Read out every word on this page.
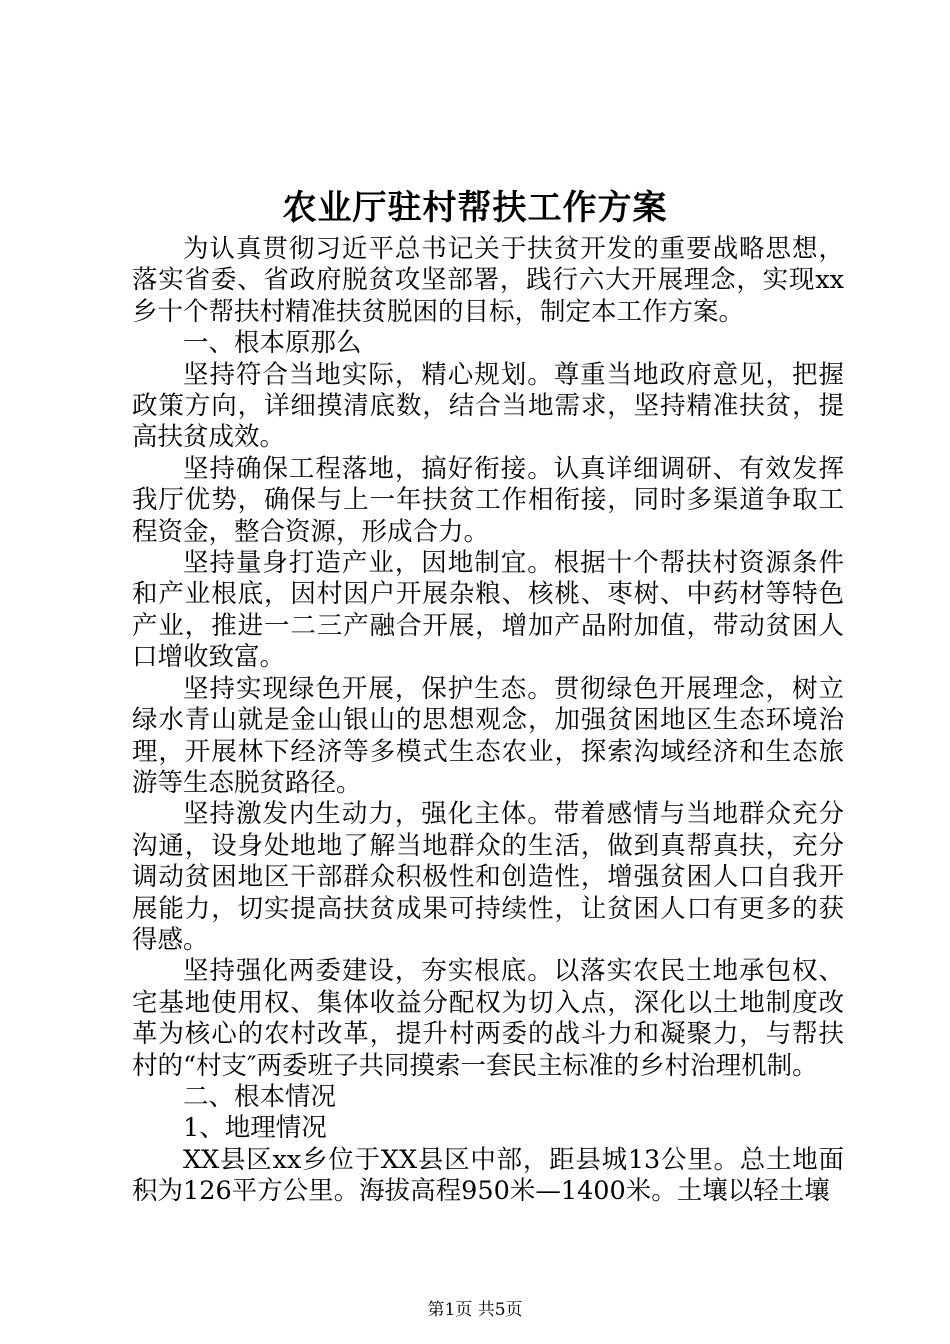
农业厅驻村帮扶工作方案

为认真贯彻习近平总书记关于扶贫开发的重要战略思想，落实省委、省政府脱贫攻坚部署，践行六大开展理念，实现xx乡十个帮扶村精准扶贫脱困的目标，制定本工作方案。

一、根本原那么

坚持符合当地实际，精心规划。尊重当地政府意见，把握政策方向，详细摸清底数，结合当地需求，坚持精准扶贫，提高扶贫成效。

坚持确保工程落地，搞好衔接。认真详细调研、有效发挥我厅优势，确保与上一年扶贫工作相衔接，同时多渠道争取工程资金，整合资源，形成合力。

坚持量身打造产业，因地制宜。根据十个帮扶村资源条件和产业根底，因村因户开展杂粮、核桃、枣树、中药材等特色产业，推进一二三产融合开展，增加产品附加值，带动贫困人口增收致富。

坚持实现绿色开展，保护生态。贯彻绿色开展理念，树立绿水青山就是金山银山的思想观念，加强贫困地区生态环境治理，开展林下经济等多模式生态农业，探索沟域经济和生态旅游等生态脱贫路径。

坚持激发内生动力，强化主体。带着感情与当地群众充分沟通，设身处地地了解当地群众的生活，做到真帮真扶，充分调动贫困地区干部群众积极性和创造性，增强贫困人口自我开展能力，切实提高扶贫成果可持续性，让贫困人口有更多的获得感。

坚持强化两委建设，夯实根底。以落实农民土地承包权、宅基地使用权、集体收益分配权为切入点，深化以土地制度改革为核心的农村改革，提升村两委的战斗力和凝聚力，与帮扶村的“村支″两委班子共同摸索一套民主标准的乡村治理机制。

二、根本情况

1、地理情况

XX县区xx乡位于XX县区中部，距县城13公里。总土地面积为126平方公里。海拔高程950米—1400米。土壤以轻土壤

第1页 共5页
